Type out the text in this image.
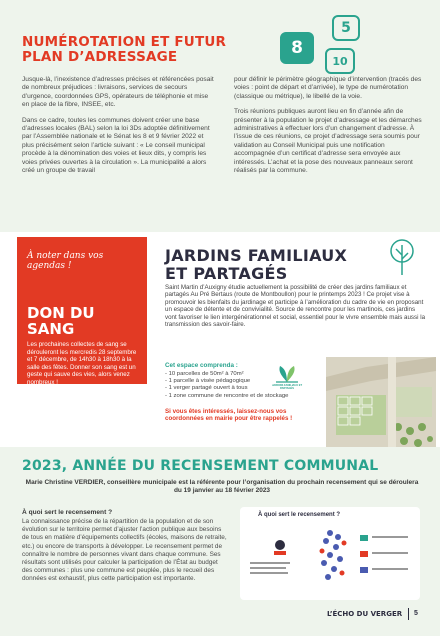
NUMÉROTATION ET FUTUR PLAN D’ADRESSAGE	8
5
10

Jusque-là, l’inexistence d’adresses précises et référencées posait de nombreux préjudices : livraisons, services de secours d’urgence, coordonnées GPS, opérateurs de téléphonie et mise en place de la fibre, INSEE, etc.

Dans ce cadre, toutes les communes doivent créer une base d’adresses locales (BAL) selon la loi 3Ds adoptée définitivement par l’Assemblée nationale et le Sénat les 8 et 9 février 2022 et plus précisément selon l’article suivant : « Le conseil municipal procède à la dénomination des voies et lieux dits, y compris les voies privées ouvertes à la circulation ». La municipalité a alors créé un groupe de travail

pour définir le périmètre géographique d’intervention (tracés des voies : point de départ et d’arrivée), le type de numérotation (classique ou métrique), le libellé de la voie.

Trois réunions publiques auront lieu en fin d’année afin de présenter à la population le projet d’adressage et les démarches administratives à effectuer lors d’un changement d’adresse. À l’issue de ces réunions, ce projet d’adressage sera soumis pour validation au Conseil Municipal puis une notification accompagnée d’un certificat d’adresse sera envoyée aux intéressés. L’achat et la pose des nouveaux panneaux seront réalisés par la commune.

À noter dans vos agendas !
DON DU SANG
Les prochaines collectes de sang se dérouleront les mercredis 28 septembre et 7 décembre, de 14h30 à 18h30 à la salle des fêtes. Donner son sang est un geste qui sauve des vies, alors venez nombreux !
JARDINS FAMILIAUX ET PARTAGÉS
Saint Martin d’Auxigny étudie actuellement la possibilité de créer des jardins familiaux et partagés Au Pré Bertaus (route de Montboullon) pour le printemps 2023 ! Ce projet vise à promouvoir les bienfaits du jardinage et participe à l’amélioration du cadre de vie en proposant un espace de détente et de convivialité. Source de rencontre pour les martinois, ces jardins vont favoriser le lien intergénérationnel et social, essentiel pour le vivre ensemble mais aussi la transmission des savoir-faire.
JARDINS FAMILIAUX ET PARTAGÉS
Cet espace comprenda :
- 10 parcelles de 50m² à 70m²
- 1 parcelle à visée pédagogique
- 1 verger partagé ouvert à tous
- 1 zone commune de rencontre et de stockage
Si vous êtes intéressés, laissez-nous vos coordonnées en mairie pour être rappelés !
2023, ANNÉE DU RECENSEMENT COMMUNAL
Marie Christine VERDIER, conseillère municipale est la référente pour l’organisation du prochain recensement qui se déroulera du 19 janvier au 18 février 2023
À quoi sert le recensement ?
La connaissance précise de la répartition de la population et de son évolution sur le territoire permet d’ajuster l’action publique aux besoins de tous en matière d’équipements collectifs (écoles, maisons de retraite, etc.) ou encore de transports à développer. Le recensement permet de connaître le nombre de personnes vivant dans chaque commune. Ses résultats sont utilisés pour calculer la participation de l’État au budget des communes : plus une commune est peuplée, plus le recueil des données est exhaustif, plus cette participation est importante.
À quoi sert le recensement ?
L’ÉCHO DU VERGER 5
